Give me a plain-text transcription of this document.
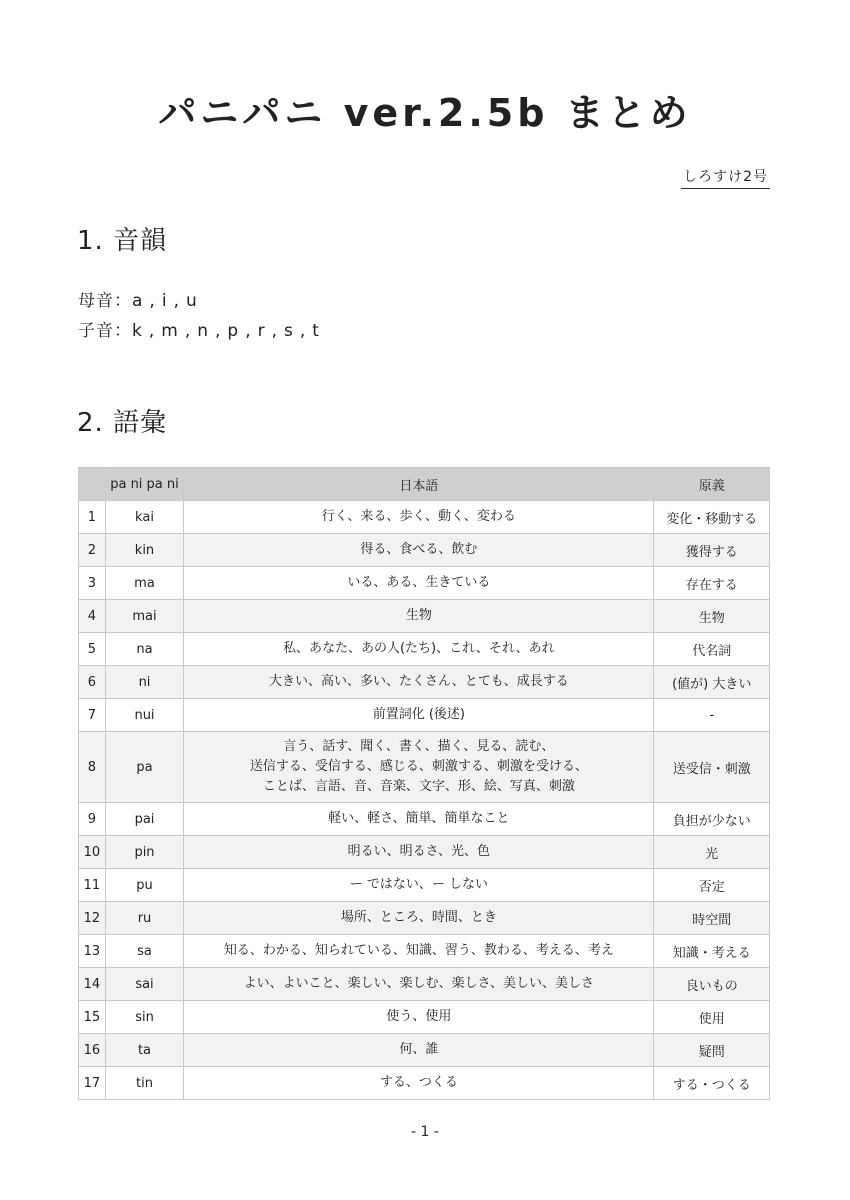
パニパニ ver.2.5b まとめ
しろすけ2号
1. 音韻
母音：a , i , u
子音：k , m , n , p , r , s , t
2. 語彙
	pa ni pa ni	日本語	原義
1	kai	行く、来る、歩く、動く、変わる	変化・移動する
2	kin	得る、食べる、飲む	獲得する
3	ma	いる、ある、生きている	存在する
4	mai	生物	生物
5	na	私、あなた、あの人(たち)、これ、それ、あれ	代名詞
6	ni	大きい、高い、多い、たくさん、とても、成長する	(値が) 大きい
7	nui	前置詞化 (後述)	-
8	pa	言う、話す、聞く、書く、描く、見る、読む、
送信する、受信する、感じる、刺激する、刺激を受ける、
ことば、言語、音、音楽、文字、形、絵、写真、刺激	送受信・刺激
9	pai	軽い、軽さ、簡単、簡単なこと	負担が少ない
10	pin	明るい、明るさ、光、色	光
11	pu	ー ではない、ー しない	否定
12	ru	場所、ところ、時間、とき	時空間
13	sa	知る、わかる、知られている、知識、習う、教わる、考える、考え	知識・考える
14	sai	よい、よいこと、楽しい、楽しむ、楽しさ、美しい、美しさ	良いもの
15	sin	使う、使用	使用
16	ta	何、誰	疑問
17	tin	する、つくる	する・つくる
- 1 -
